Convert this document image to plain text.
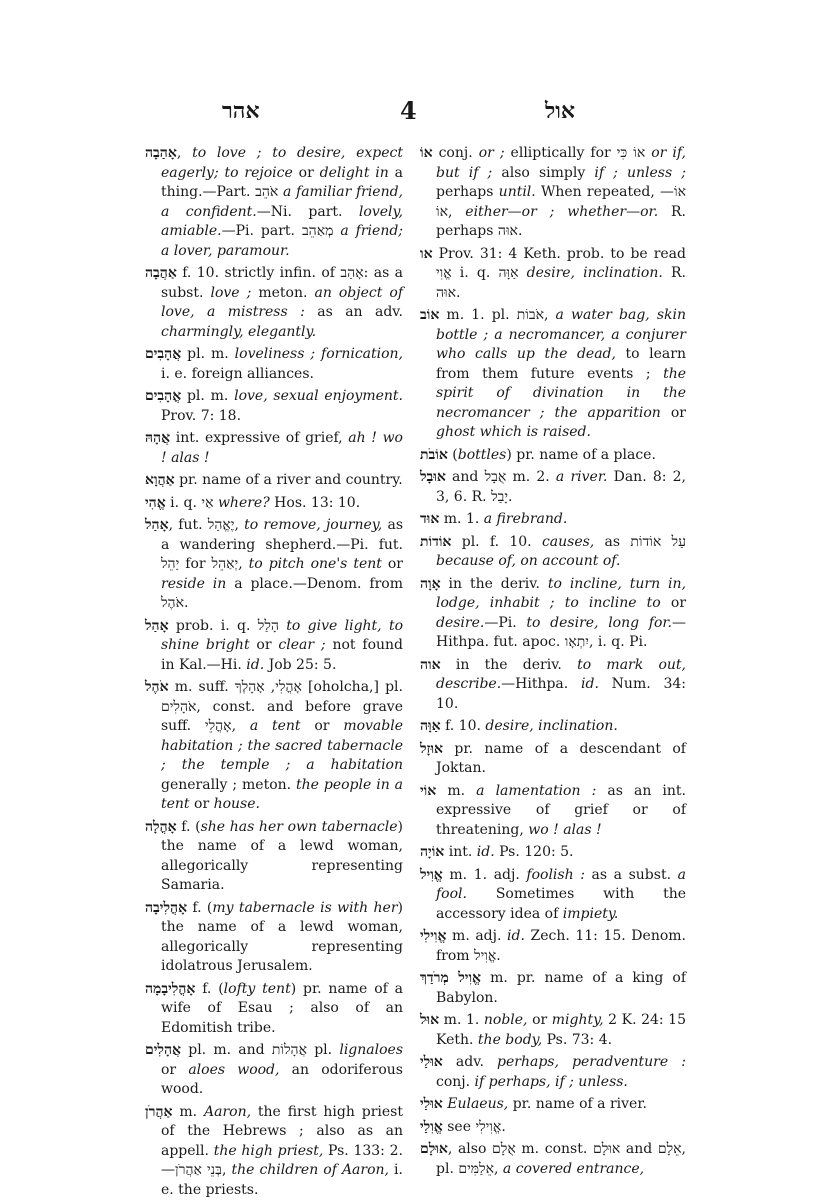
אהר	4	אול

אָהַבָה, to love ; to desire, expect eagerly; to rejoice or delight in a thing.—Part. אֹהֵב a familiar friend, a confident.—Ni. part. lovely, amiable.—Pi. part. מְאַהֵב a friend; a lover, paramour.

אַהֲבָה f. 10. strictly infin. of אָהַב: as a subst. love ; meton. an object of love, a mistress : as an adv. charmingly, elegantly.

אֲהָבִים pl. m. loveliness ; fornication, i. e. foreign alliances.

אֳהָבִים pl. m. love, sexual enjoyment. Prov. 7: 18.

אֲהָהּ int. expressive of grief, ah ! wo ! alas !

אַהֲוָא pr. name of a river and country.

אֱהִי i. q. אַי where? Hos. 13: 10.

אָהַל, fut. יֶאֱהַל, to remove, journey, as a wandering shepherd.—Pi. fut. יַהֵל for יְאַהֵל, to pitch one's tent or reside in a place.—Denom. from אֹהֶל.

אָהַל prob. i. q. הָלַל to give light, to shine bright or clear ; not found in Kal.—Hi. id. Job 25: 5.

אֹהֶל m. suff. אָהֳלִי, אָהָלְךָ [oholcha,] pl. אֹהָלִים, const. and before grave suff. אָהֳלֵי, a tent or movable habitation ; the sacred tabernacle ; the temple ; a habitation generally ; meton. the people in a tent or house.

אָהֳלָה f. (she has her own tabernacle) the name of a lewd woman, allegorically representing Samaria.

אָהֳלִיבָה f. (my tabernacle is with her) the name of a lewd woman, allegorically representing idolatrous Jerusalem.

אָהֳלִיבָמָה f. (lofty tent) pr. name of a wife of Esau ; also of an Edomitish tribe.

אֲהָלִים pl. m. and אֲהָלוֹת pl. lignaloes or aloes wood, an odoriferous wood.

אַהֲרֹן m. Aaron, the first high priest of the Hebrews ; also as an appell. the high priest, Ps. 133: 2.—בְּנֵי אַהֲרֹן, the children of Aaron, i. e. the priests.

אוֹ conj. or ; elliptically for אוֹ כִּי or if, but if ; also simply if ; unless ; perhaps until. When repeated, אוֹ—אוֹ, either—or ; whether—or. R. perhaps אוּה.

או Prov. 31: 4 Keth. prob. to be read אֱוִי i. q. אַוָּה desire, inclination. R. אוּה.

אוֹב m. 1. pl. אֹבוֹת, a water bag, skin bottle ; a necromancer, a conjurer who calls up the dead, to learn from them future events ; the spirit of divination in the necromancer ; the apparition or ghost which is raised.

אוֹבֹת (bottles) pr. name of a place.

אוּבָל and אֻבָל m. 2. a river. Dan. 8: 2, 3, 6. R. יָבַל.

אוּד m. 1. a firebrand.

אוֹדוֹת pl. f. 10. causes, as עַל אוֹדוֹת because of, on account of.

אָוָה in the deriv. to incline, turn in, lodge, inhabit ; to incline to or desire.—Pi. to desire, long for.—Hithpa. fut. apoc. יִתְאָו, i. q. Pi.

אוה in the deriv. to mark out, describe.—Hithpa. id. Num. 34: 10.

אַוָּה f. 10. desire, inclination.

אוּזָל pr. name of a descendant of Joktan.

אוֹי m. a lamentation : as an int. expressive of grief or of threatening, wo ! alas !

אוֹיָה int. id. Ps. 120: 5.

אֱוִיל m. 1. adj. foolish : as a subst. a fool. Sometimes with the accessory idea of impiety.

אֱוִילִי m. adj. id. Zech. 11: 15. Denom. from אֱוִיל.

אֱוִיל מְרֹדַךְ m. pr. name of a king of Babylon.

אוּל m. 1. noble, or mighty, 2 K. 24: 15 Keth. the body, Ps. 73: 4.

אוּלַי adv. perhaps, peradventure : conj. if perhaps, if ; unless.

אוּלַי Eulaeus, pr. name of a river.

אֱוִלַי see אֱוִילִי.

אוּלָם, also אֻלָם m. const. אוּלָם and אֵלָם, pl. אֵלַמִּים, a covered entrance,
